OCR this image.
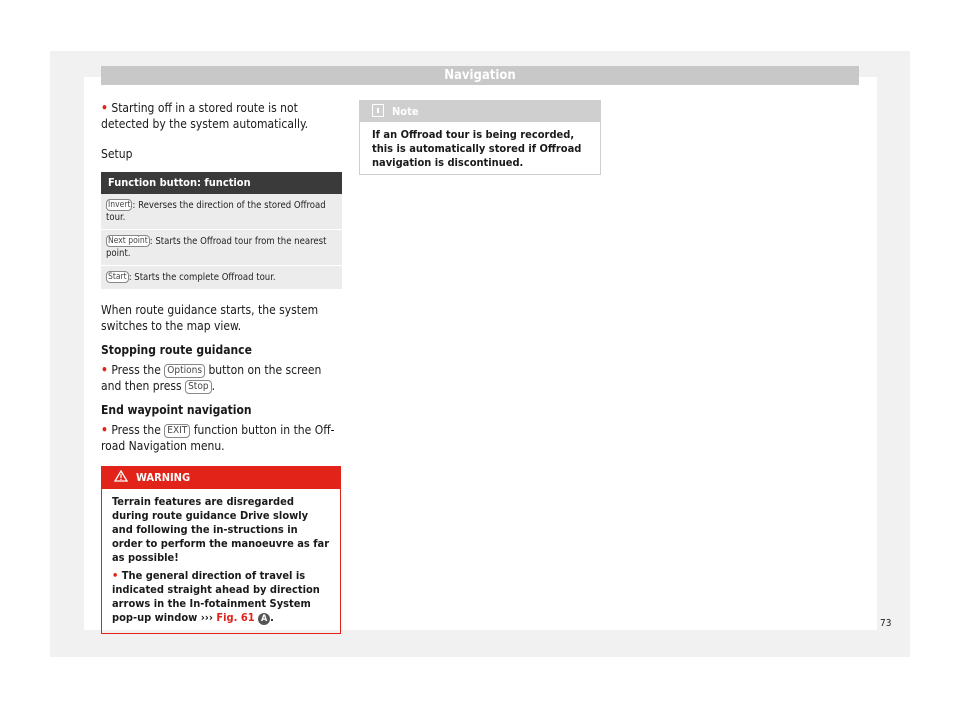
Navigation

• Starting off in a stored route is not detected by the system automatically.

Setup

Function button: function
Invert : Reverses the direction of the stored Offroad tour.
Next point : Starts the Offroad tour from the nearest point.
Start : Starts the complete Offroad tour.

When route guidance starts, the system switches to the map view.

Stopping route guidance

• Press the Options button on the screen and then press Stop .

End waypoint navigation

• Press the EXIT function button in the Off-road Navigation menu.

WARNING

Terrain features are disregarded during route guidance Drive slowly and following the in-structions in order to perform the manoeuvre as far as possible!

• The general direction of travel is indicated straight ahead by direction arrows in the In-fotainment System pop-up window ››› Fig. 61 A .

Note
If an Offroad tour is being recorded, this is automatically stored if Offroad navigation is discontinued.
73
